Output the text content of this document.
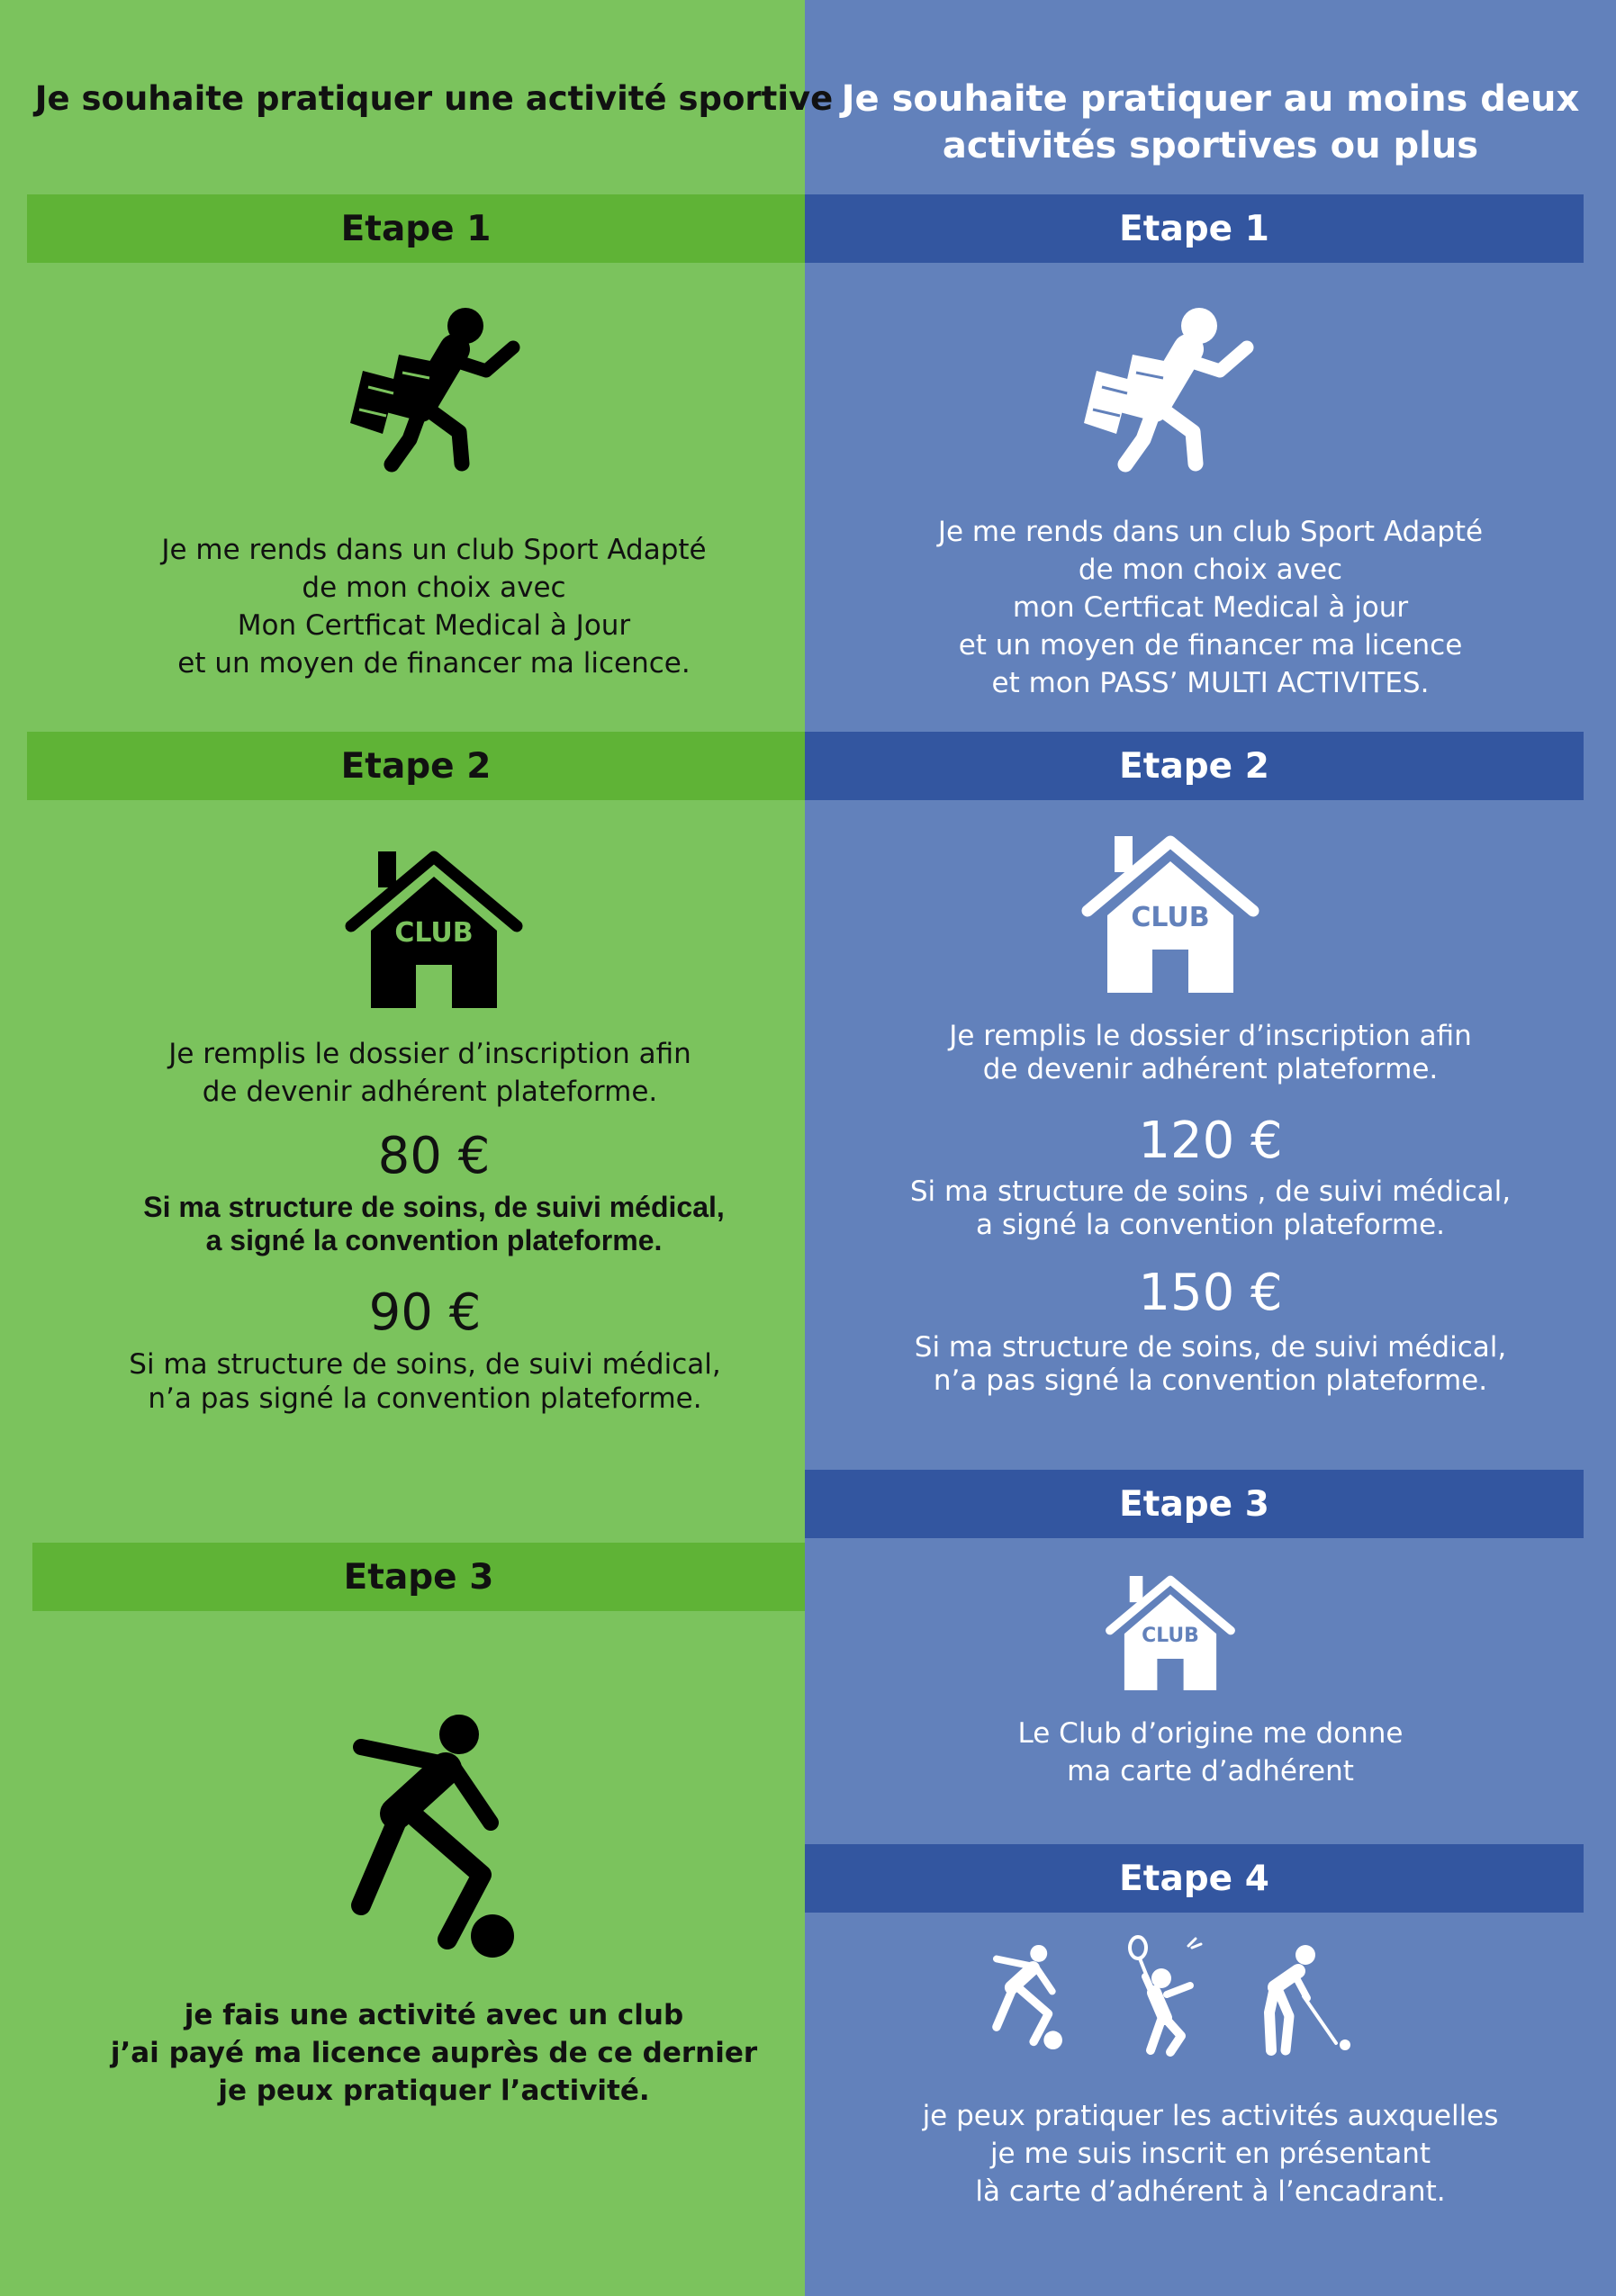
Je souhaite pratiquer une activité sportive Je souhaite pratiquer au moins deux
activités sportives ou plus
Etape 1
Je me rends dans un club Sport Adapté
de mon choix avec
Mon Certficat Medical à Jour
et un moyen de financer ma licence.
Etape 2
CLUB
Je remplis le dossier d’inscription afin
de devenir adhérent plateforme.
80 €
Si ma structure de soins, de suivi médical,
a signé la convention plateforme.
90 €
Si ma structure de soins, de suivi médical,
n’a pas signé la convention plateforme.
Etape 3
je fais une activité avec un club
j’ai payé ma licence auprès de ce dernier
je peux pratiquer l’activité.
Etape 1
Je me rends dans un club Sport Adapté
de mon choix avec
mon Certficat Medical à jour
et un moyen de financer ma licence
et mon PASS’ MULTI ACTIVITES.
Etape 2
CLUB
Je remplis le dossier d’inscription afin
de devenir adhérent plateforme.
120 €
Si ma structure de soins , de suivi médical,
a signé la convention plateforme.
150 €
Si ma structure de soins, de suivi médical,
n’a pas signé la convention plateforme.
Etape 3
CLUB
Le Club d’origine me donne
ma carte d’adhérent
Etape 4
je peux pratiquer les activités auxquelles
je me suis inscrit en présentant
là carte d’adhérent à l’encadrant.
